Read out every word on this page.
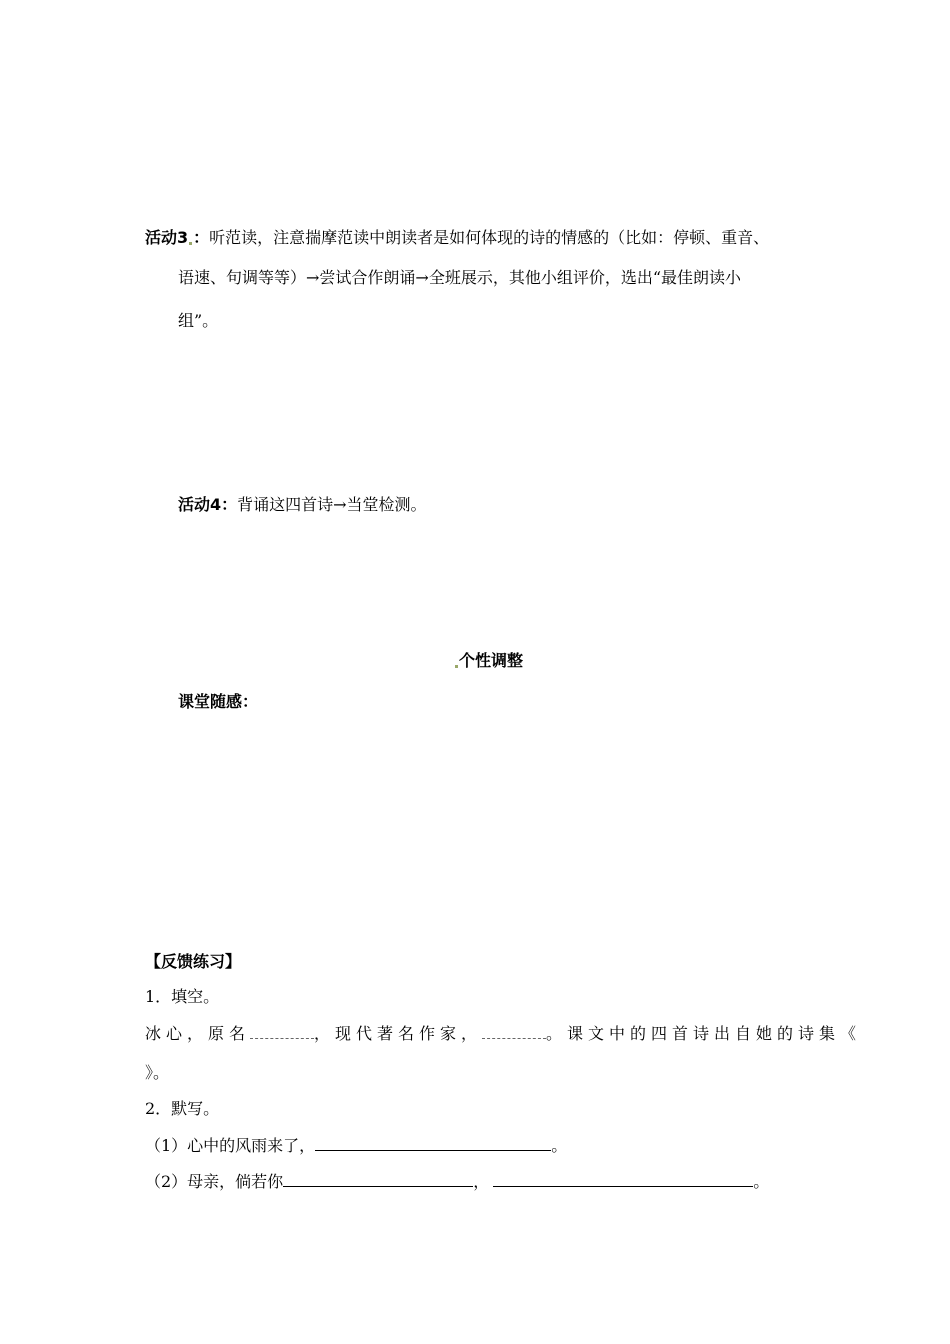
活动3 ：听范读，注意揣摩范读中朗读者是如何体现的诗的情感的（比如：停顿、重音、
语速、句调等等）→尝试合作朗诵→全班展示，其他小组评价，选出“最佳朗读小
组”。
活动4：背诵这四首诗→当堂检测。
个性调整
课堂随感：
【反馈练习】
1．填空。
冰心，原名	，现代著名作家，	。课文中的四首诗出自她的诗集《
》。
2．默写。
（1）心中的风雨来了，	。
（2）母亲，倘若你	，	。
